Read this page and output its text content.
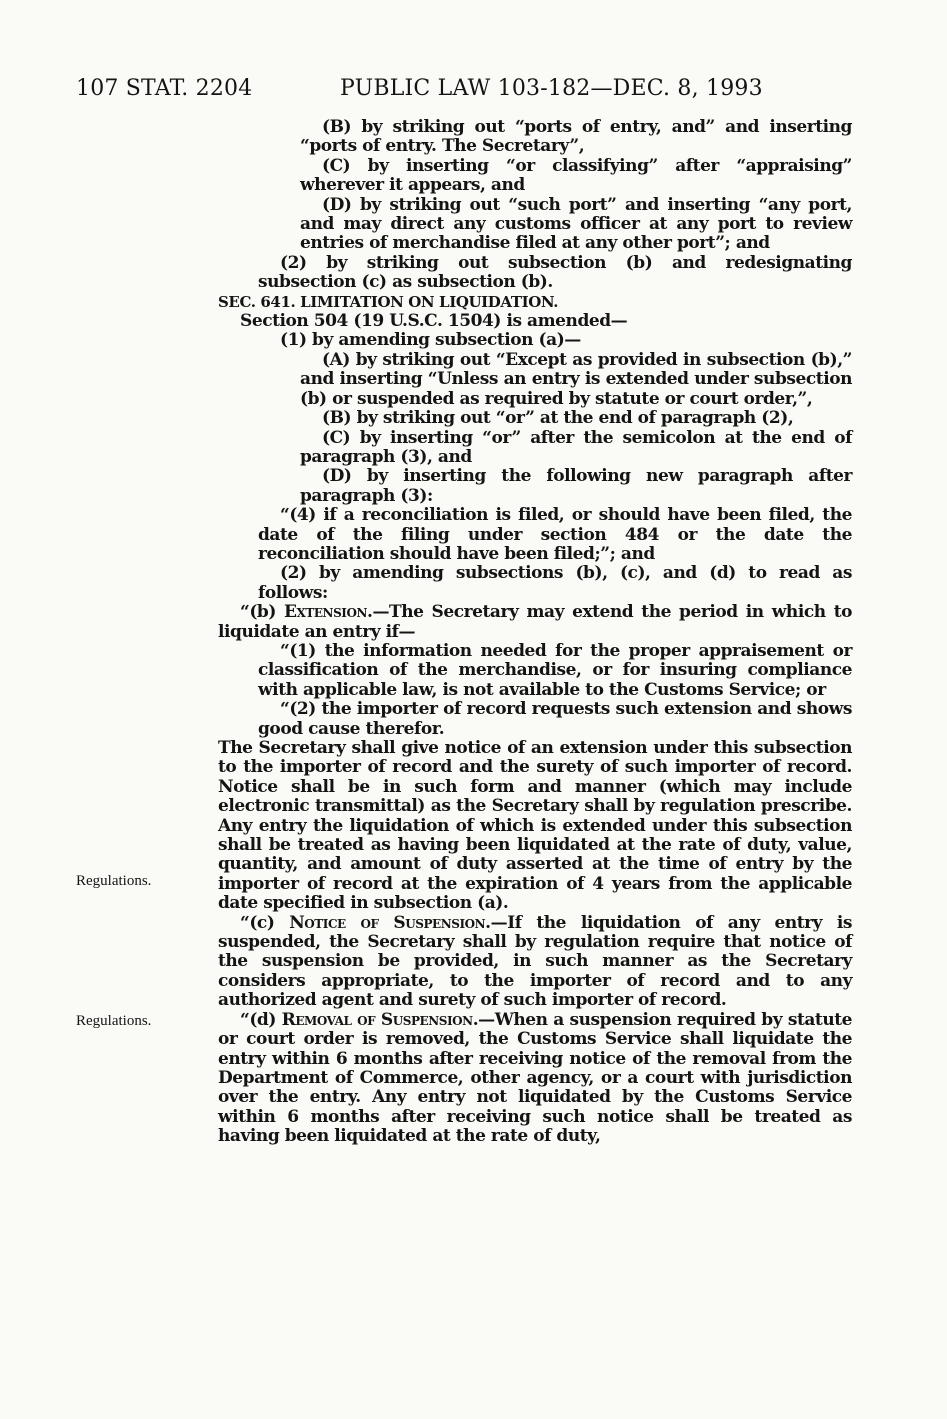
107 STAT. 2204	PUBLIC LAW 103-182—DEC. 8, 1993
Regulations.
Regulations.

(B) by striking out “ports of entry, and” and inserting “ports of entry. The Secretary”,

(C) by inserting “or classifying” after “appraising” wherever it appears, and

(D) by striking out “such port” and inserting “any port, and may direct any customs officer at any port to review entries of merchandise filed at any other port”; and

(2) by striking out subsection (b) and redesignating subsection (c) as subsection (b).

SEC. 641. LIMITATION ON LIQUIDATION.

Section 504 (19 U.S.C. 1504) is amended—

(1) by amending subsection (a)—

(A) by striking out “Except as provided in subsection (b),” and inserting “Unless an entry is extended under subsection (b) or suspended as required by statute or court order,”,

(B) by striking out “or” at the end of paragraph (2),

(C) by inserting “or” after the semicolon at the end of paragraph (3), and

(D) by inserting the following new paragraph after paragraph (3):

“(4) if a reconciliation is filed, or should have been filed, the date of the filing under section 484 or the date the reconciliation should have been filed;”; and

(2) by amending subsections (b), (c), and (d) to read as follows:

“(b) Extension.—The Secretary may extend the period in which to liquidate an entry if—

“(1) the information needed for the proper appraisement or classification of the merchandise, or for insuring compliance with applicable law, is not available to the Customs Service; or

“(2) the importer of record requests such extension and shows good cause therefor.

The Secretary shall give notice of an extension under this subsection to the importer of record and the surety of such importer of record. Notice shall be in such form and manner (which may include electronic transmittal) as the Secretary shall by regulation prescribe. Any entry the liquidation of which is extended under this subsection shall be treated as having been liquidated at the rate of duty, value, quantity, and amount of duty asserted at the time of entry by the importer of record at the expiration of 4 years from the applicable date specified in subsection (a).

“(c) Notice of Suspension.—If the liquidation of any entry is suspended, the Secretary shall by regulation require that notice of the suspension be provided, in such manner as the Secretary considers appropriate, to the importer of record and to any authorized agent and surety of such importer of record.

“(d) Removal of Suspension.—When a suspension required by statute or court order is removed, the Customs Service shall liquidate the entry within 6 months after receiving notice of the removal from the Department of Commerce, other agency, or a court with jurisdiction over the entry. Any entry not liquidated by the Customs Service within 6 months after receiving such notice shall be treated as having been liquidated at the rate of duty,
